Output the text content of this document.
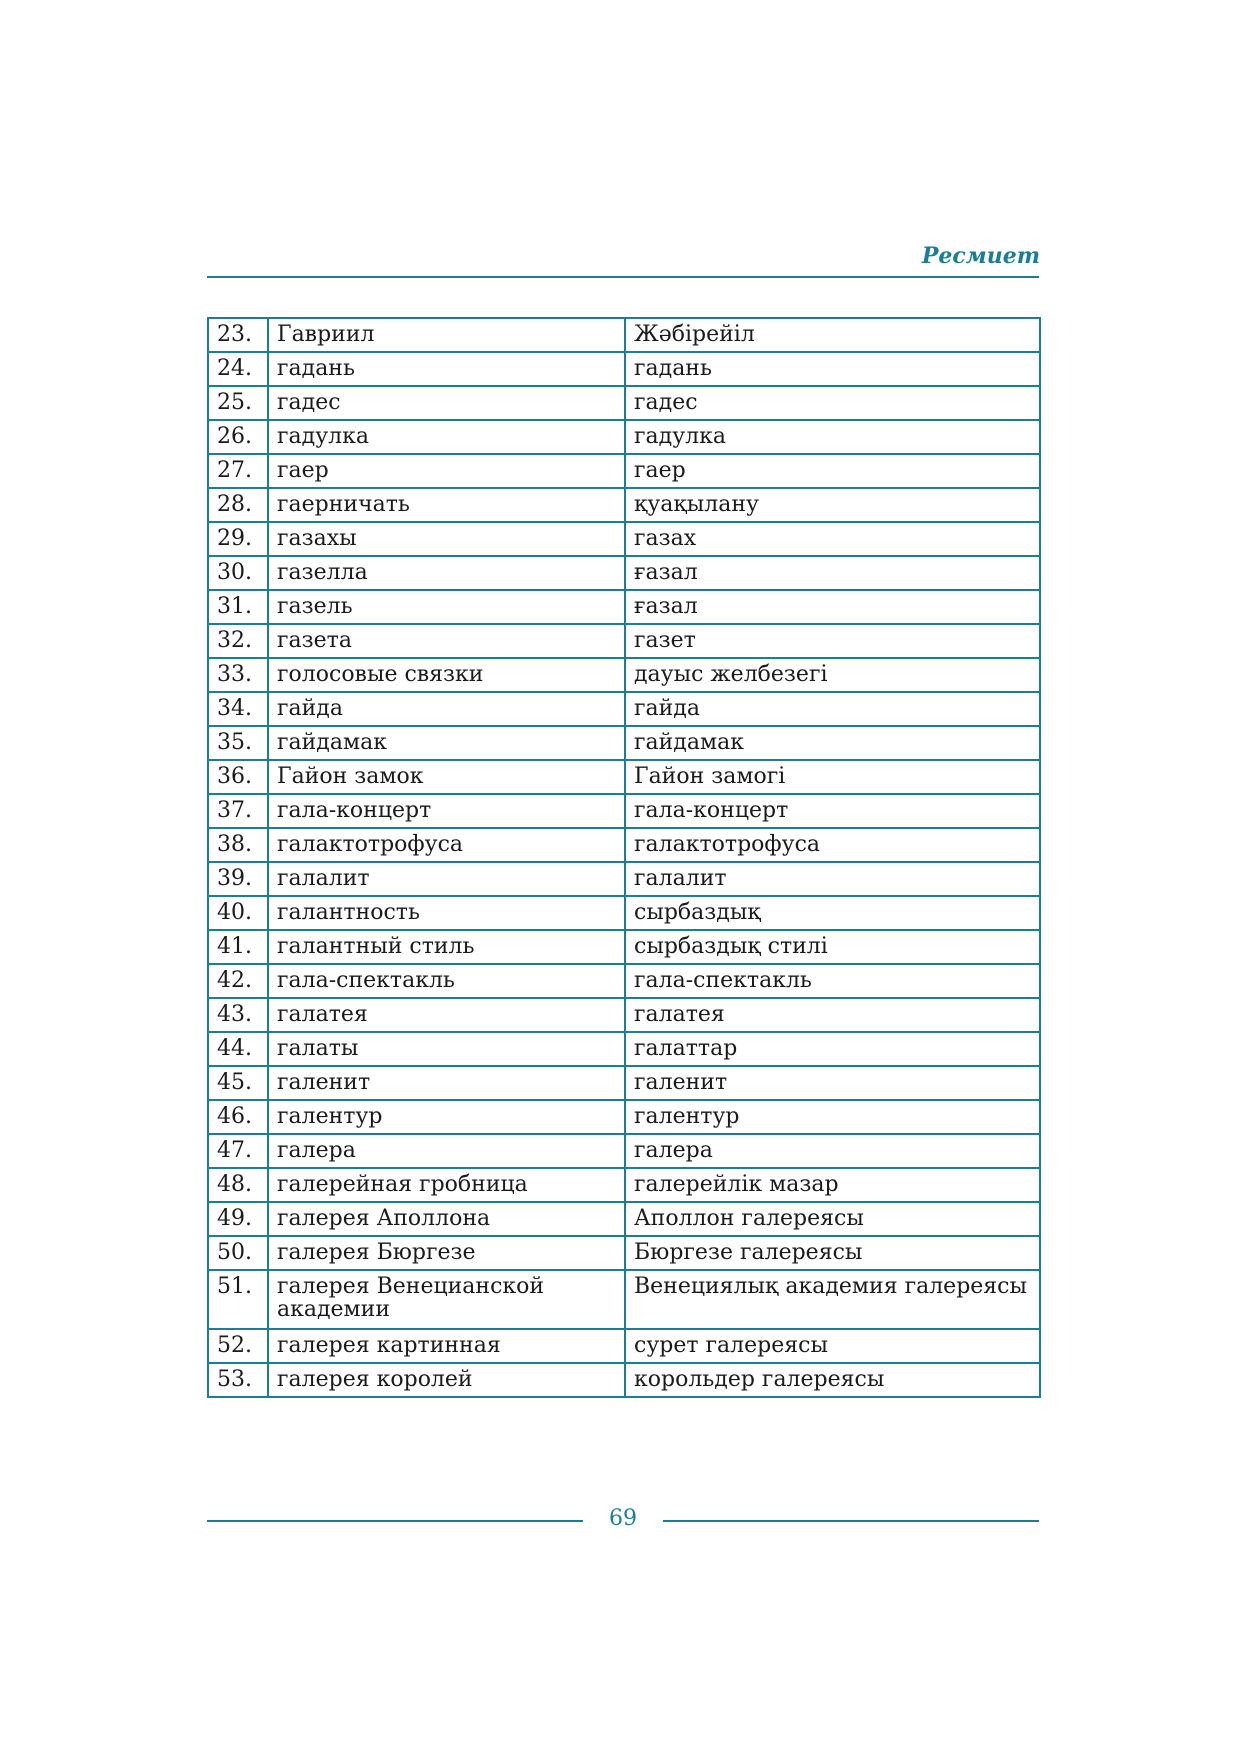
Ресмиет
23.	Гавриил	Жәбірейіл
24.	гадань	гадань
25.	гадес	гадес
26.	гадулка	гадулка
27.	гаер	гаер
28.	гаерничать	қуақылану
29.	газахы	газах
30.	газелла	ғазал
31.	газель	ғазал
32.	газета	газет
33.	голосовые связки	дауыс желбезегі
34.	гайда	гайда
35.	гайдамак	гайдамак
36.	Гайон замок	Гайон замогі
37.	гала-концерт	гала-концерт
38.	галактотрофуса	галактотрофуса
39.	галалит	галалит
40.	галантность	сырбаздық
41.	галантный стиль	сырбаздық стилі
42.	гала-спектакль	гала-спектакль
43.	галатея	галатея
44.	галаты	галаттар
45.	галенит	галенит
46.	галентур	галентур
47.	галера	галера
48.	галерейная гробница	галерейлік мазар
49.	галерея Аполлона	Аполлон галереясы
50.	галерея Бюргезе	Бюргезе галереясы
51.	галерея Венецианской академии	Венециялық академия галереясы
52.	галерея картинная	сурет галереясы
53.	галерея королей	корольдер галереясы
69
